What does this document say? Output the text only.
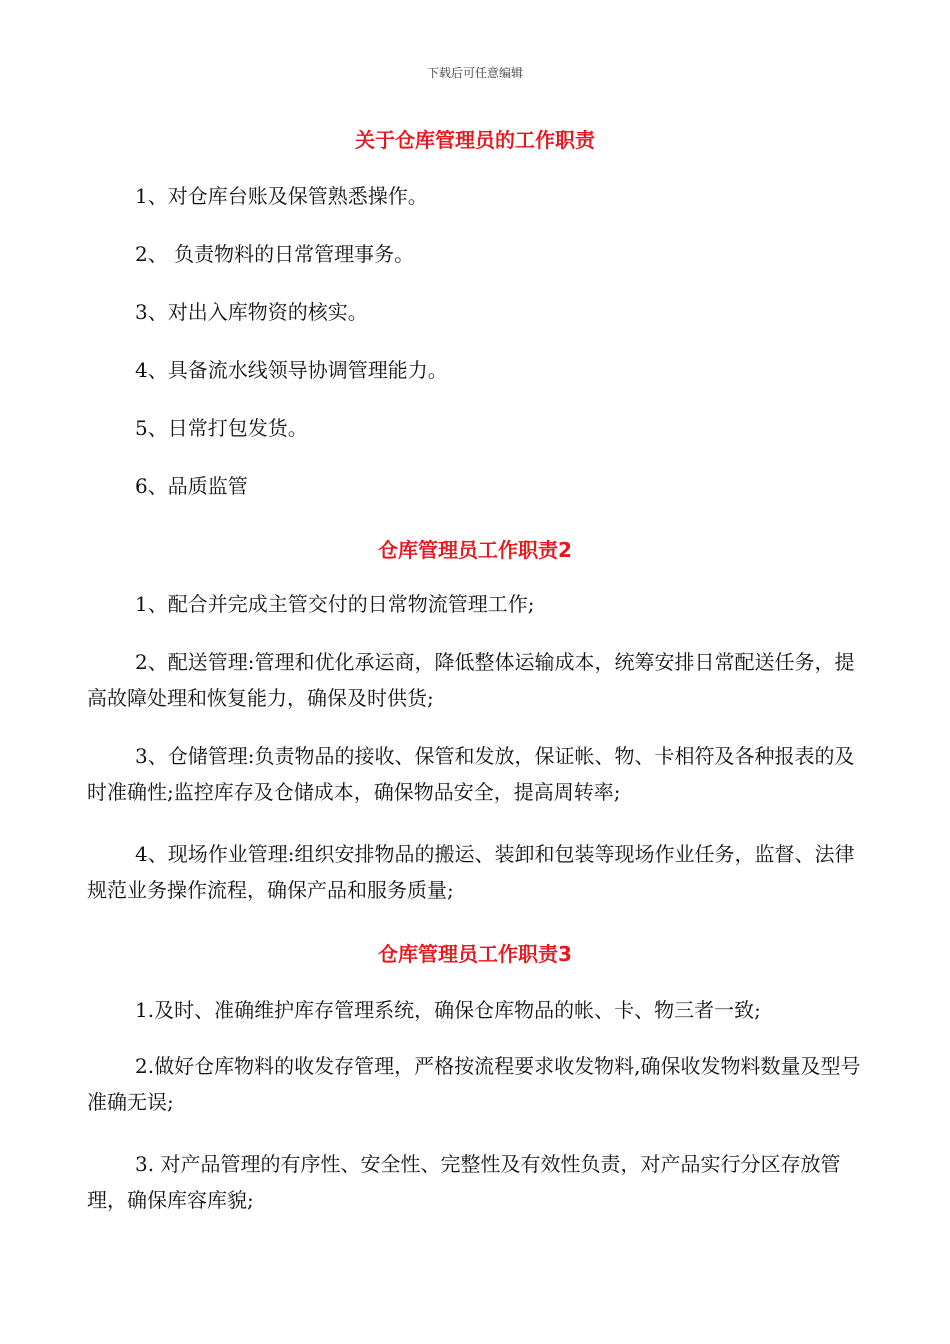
下载后可任意编辑
关于仓库管理员的工作职责
1、对仓库台账及保管熟悉操作。
2、 负责物料的日常管理事务。
3、对出入库物资的核实。
4、具备流水线领导协调管理能力。
5、日常打包发货。
6、品质监管
仓库管理员工作职责2
1、配合并完成主管交付的日常物流管理工作;
2、配送管理:管理和优化承运商，降低整体运输成本，统筹安排日常配送任务，提高故障处理和恢复能力，确保及时供货;
3、仓储管理:负责物品的接收、保管和发放，保证帐、物、卡相符及各种报表的及时准确性;监控库存及仓储成本，确保物品安全，提高周转率;
4、现场作业管理:组织安排物品的搬运、装卸和包装等现场作业任务，监督、法律规范业务操作流程，确保产品和服务质量;
仓库管理员工作职责3
1.及时、准确维护库存管理系统，确保仓库物品的帐、卡、物三者一致;
2.做好仓库物料的收发存管理，严格按流程要求收发物料,确保收发物料数量及型号准确无误;
3. 对产品管理的有序性、安全性、完整性及有效性负责，对产品实行分区存放管理，确保库容库貌;
